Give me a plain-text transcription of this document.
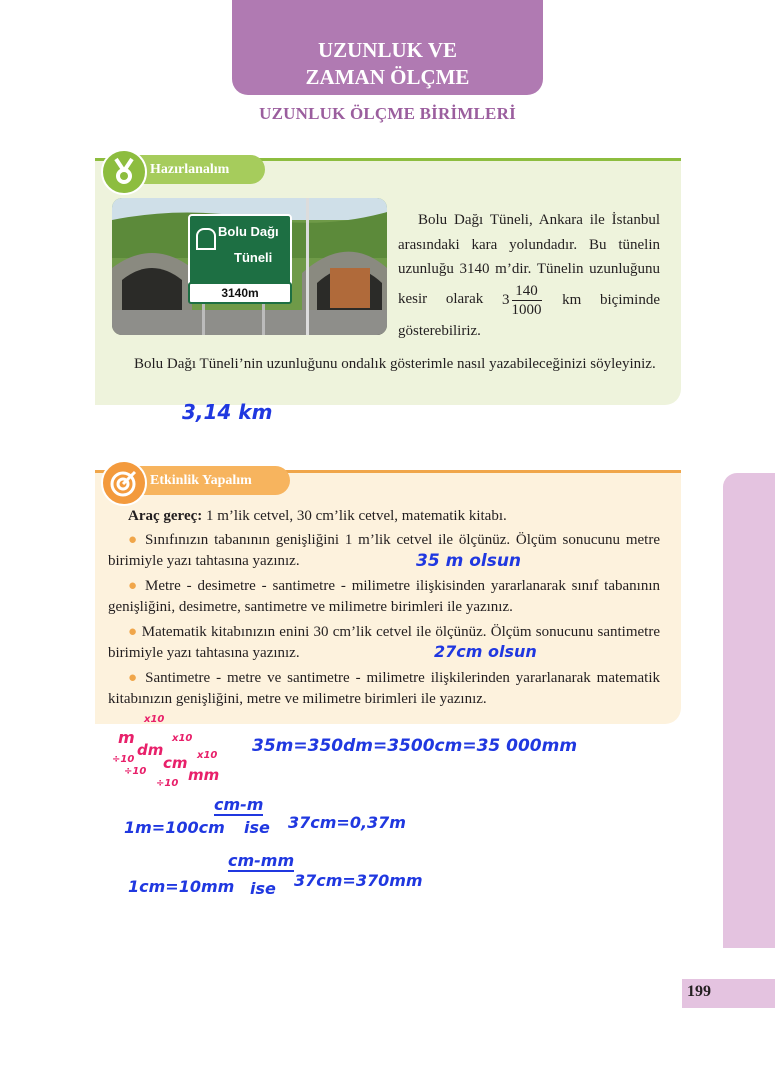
UZUNLUK VE
ZAMAN ÖLÇME
UZUNLUK ÖLÇME BİRİMLERİ
Hazırlanalım
Bolu Dağı
Tüneli
3140m
Bolu Dağı Tüneli, Ankara ile İstanbul arasındaki kara yolundadır. Bu tünelin uzunluğu 3140 m’dir. Tünelin uzunluğunu kesir olarak $3 \frac{140}{1000}$ km biçiminde gösterebiliriz.
Bolu Dağı Tüneli’nin uzunluğunu ondalık gösterimle nasıl yazabileceğinizi söyleyiniz.
3,14 km
Etkinlik Yapalım
Araç gereç: 1 m’lik cetvel, 30 cm’lik cetvel, matematik kitabı.
● Sınıfınızın tabanının genişliğini 1 m’lik cetvel ile ölçünüz. Ölçüm sonucunu metre birimiyle yazı tahtasına yazınız.
● Metre - desimetre - santimetre - milimetre ilişkisinden yararlanarak sınıf tabanının genişliğini, desimetre, santimetre ve milimetre birimleri ile yazınız.
● Matematik kitabınızın enini 30 cm’lik cetvel ile ölçünüz. Ölçüm sonucunu santimetre birimiyle yazı tahtasına yazınız.
● Santimetre - metre ve santimetre - milimetre ilişkilerinden yararlanarak matematik kitabınızın genişliğini, metre ve milimetre birimleri ile yazınız.
35 m olsun
27cm olsun
m
x10
dm
x10
÷10 cm x10
÷10	mm
÷10
35m=350dm=3500cm=35 000mm
cm-m
1m=100cm ise 37cm=0,37m
cm-mm
1cm=10mm ise 37cm=370mm
199
